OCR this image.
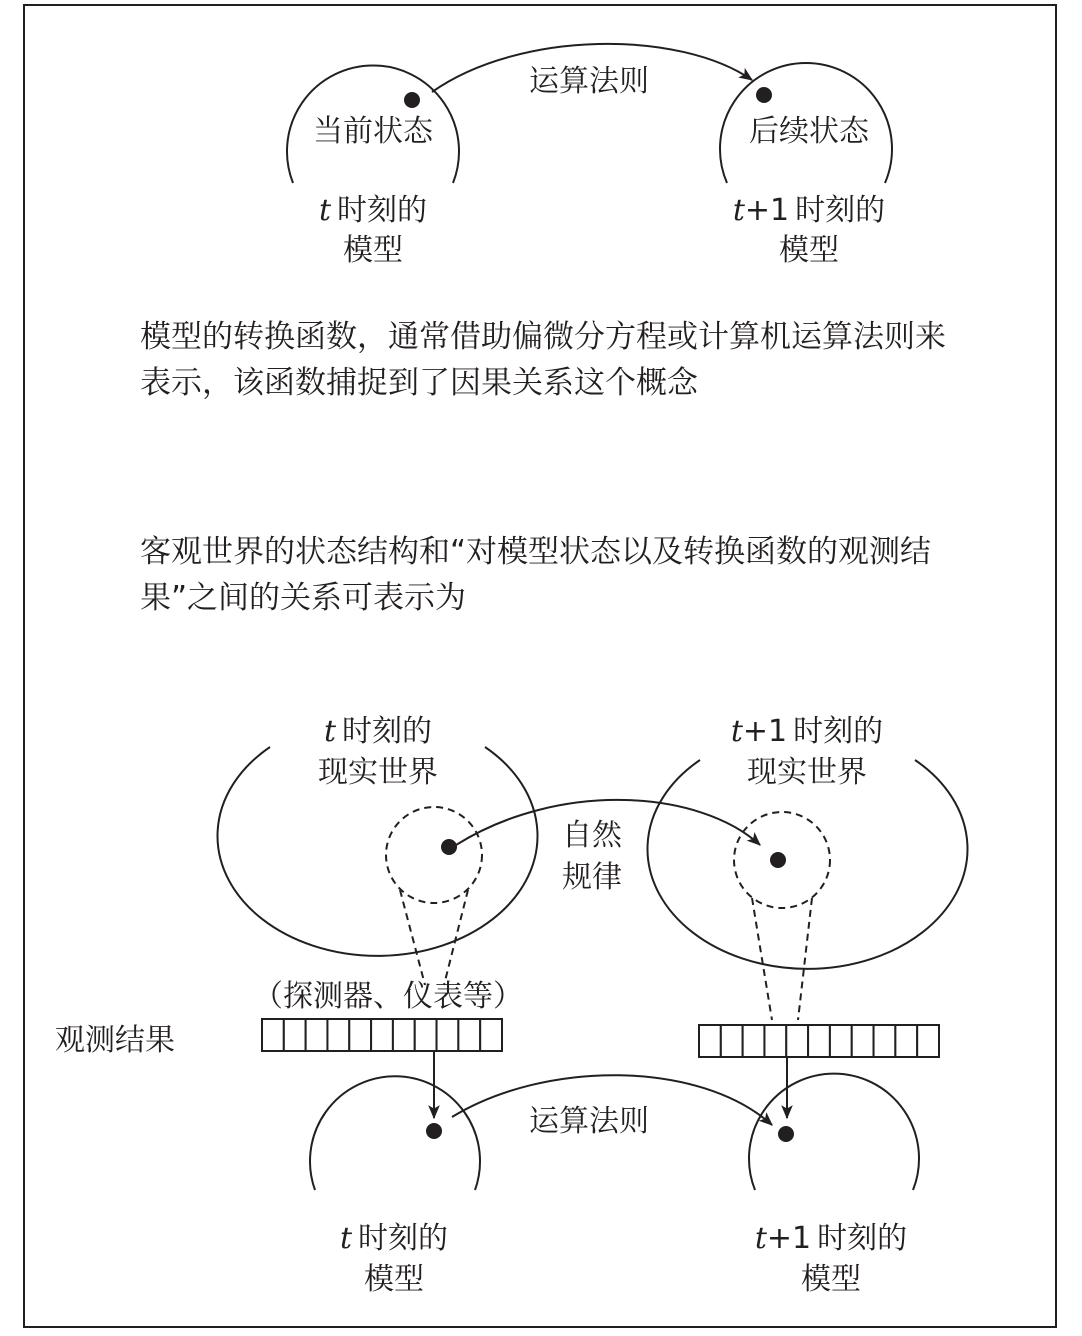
运算法则
当前状态	后续状态
t 时刻的
模型
t+1 时刻的
模型
t 时刻的
现实世界
t+1 时刻的
现实世界
自然
规律
（探测器、仪表等）
观测结果
运算法则
t 时刻的
模型
t+1 时刻的
模型

模型的转换函数，通常借助偏微分方程或计算机运算法则来
表示，该函数捕捉到了因果关系这个概念

客观世界的状态结构和“对模型状态以及转换函数的观测结
果”之间的关系可表示为
